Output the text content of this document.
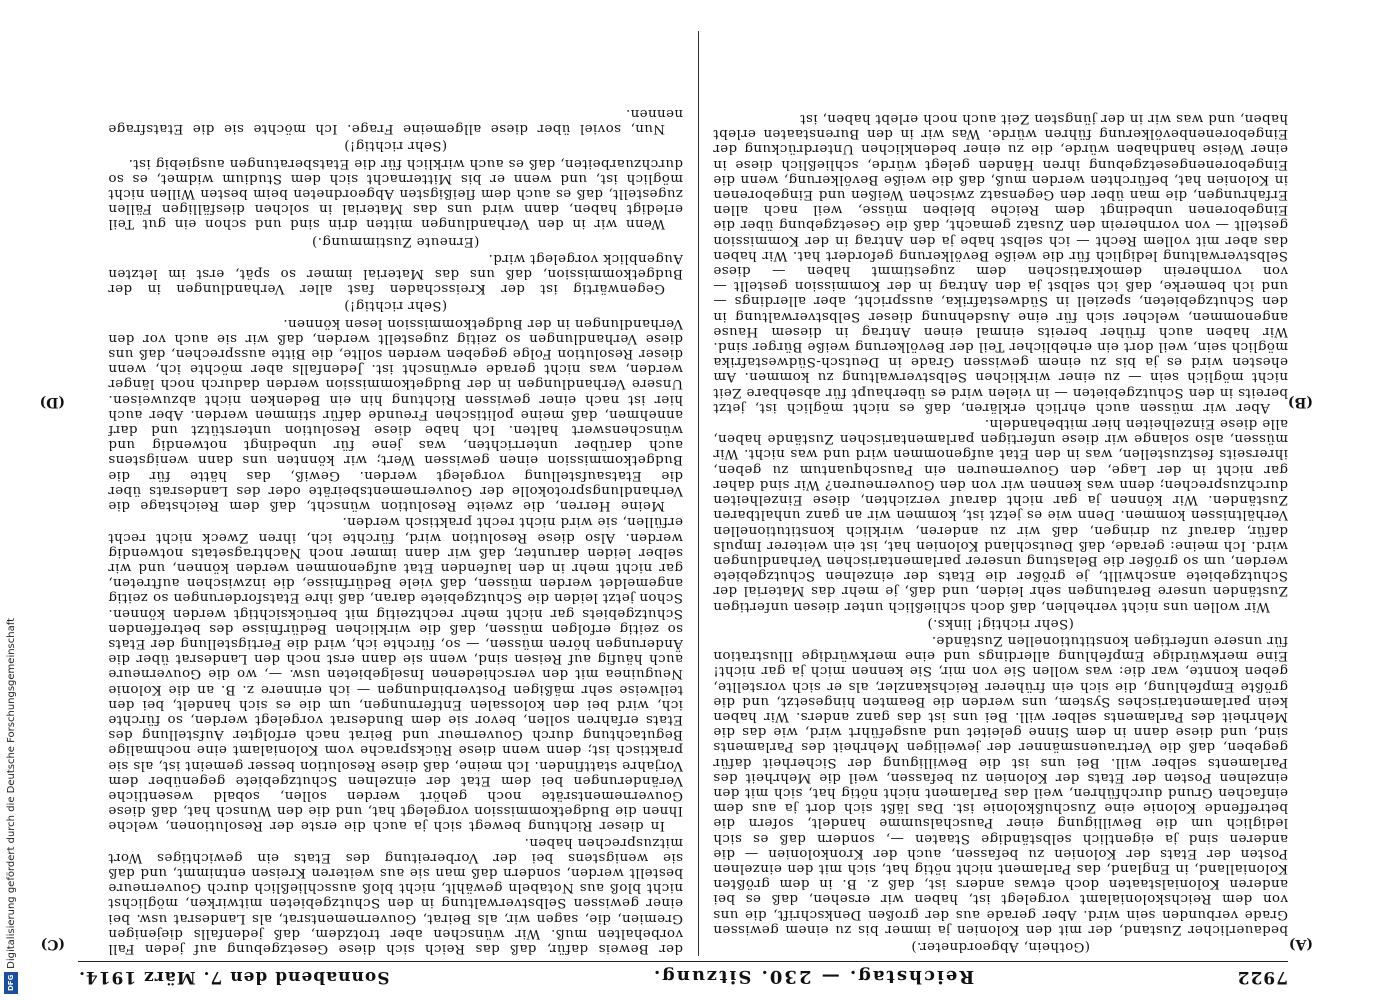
7922
Reichstag. — 230. Sitzung.
Sonnabend den 7. März 1914.
(A)
(B)
(C)
(D)

(Gothein, Abgeordneter.)

bedauerlicher Zustand, der mit den Kolonien ja immer bis zu einem gewissen Grade verbunden sein wird. Aber gerade aus der großen Denkschrift, die uns von dem Reichskolonialamt vorgelegt ist, haben wir ersehen, daß es bei anderen Kolonialstaaten doch etwas anders ist, daß z. B. in dem größten Kolonialland, in England, das Parlament nicht nötig hat, sich mit den einzelnen Posten der Etats der Kolonien zu befassen, auch der Kronkolonien — die anderen sind ja eigentlich selbständige Staaten —, sondern daß es sich lediglich um die Bewilligung einer Pauschalsumme handelt, sofern die betreffende Kolonie eine Zuschußkolonie ist. Das läßt sich dort ja aus dem einfachen Grund durchführen, weil das Parlament nicht nötig hat, sich mit den einzelnen Posten der Etats der Kolonien zu befassen, weil die Mehrheit des Parlaments selber will. Bei uns ist die Bewilligung der Sicherheit dafür gegeben, daß die Vertrauensmänner der jeweiligen Mehrheit des Parlaments sind, und diese dann in dem Sinne geleitet und ausgeführt wird, wie das die Mehrheit des Parlaments selber will. Bei uns ist das ganz anders. Wir haben kein parlamentarisches System, uns werden die Beamten hingesetzt, und die größte Empfehlung, die sich ein früherer Reichskanzler, als er sich vorstellte, geben konnte, war die: was wollen Sie von mir, Sie kennen mich ja gar nicht! Eine merkwürdige Empfehlung allerdings und eine merkwürdige Illustration für unsere unfertigen konstitutionellen Zustände.

(Sehr richtig! links.)

Wir wollen uns nicht verhehlen, daß doch schließlich unter diesen unfertigen Zuständen unsere Beratungen sehr leiden, und daß, je mehr das Material der Schutzgebiete anschwillt, je größer die Etats der einzelnen Schutzgebiete werden, um so größer die Belastung unserer parlamentarischen Verhandlungen wird. Ich meine: gerade, daß Deutschland Kolonien hat, ist ein weiterer Impuls dafür, darauf zu dringen, daß wir zu anderen, wirklich konstitutionellen Verhältnissen kommen. Denn wie es jetzt ist, kommen wir an ganz unhaltbaren Zuständen. Wir können ja gar nicht darauf verzichten, diese Einzelheiten durchzusprechen; denn was kennen wir von den Gouverneuren? Wir sind daher gar nicht in der Lage, den Gouverneuren ein Pauschquantum zu geben, ihrerseits festzustellen, was in den Etat aufgenommen wird und was nicht. Wir müssen, also solange wir diese unfertigen parlamentarischen Zustände haben, alle diese Einzelheiten hier mitbehandeln.

Aber wir müssen auch ehrlich erklären, daß es nicht möglich ist, jetzt bereits in den Schutzgebieten — in vielen wird es überhaupt für absehbare Zeit nicht möglich sein — zu einer wirklichen Selbstverwaltung zu kommen. Am ehesten wird es ja bis zu einem gewissen Grade in Deutsch-Südwestafrika möglich sein, weil dort ein erheblicher Teil der Bevölkerung weiße Bürger sind. Wir haben auch früher bereits einmal einen Antrag in diesem Hause angenommen, welcher sich für eine Ausdehnung dieser Selbstverwaltung in den Schutzgebieten, speziell in Südwestafrika, ausspricht, aber allerdings — und ich bemerke, daß ich selbst ja den Antrag in der Kommission gestellt — von vornherein demokratischen dem zugestimmt haben — diese Selbstverwaltung lediglich für die weiße Bevölkerung gefordert hat. Wir haben das aber mit vollem Recht — ich selbst habe ja den Antrag in der Kommission gestellt — von vornherein den Zusatz gemacht, daß die Gesetzgebung über die Eingeborenen unbedingt dem Reiche bleiben müsse, weil nach allen Erfahrungen, die man über den Gegensatz zwischen Weißen und Eingeborenen in Kolonien hat, befürchten werden muß, daß die weiße Bevölkerung, wenn die Eingeborenengesetzgebung ihren Händen gelegt würde, schließlich diese in einer Weise handhaben würde, die zu einer bedenklichen Unterdrückung der Eingeborenenbevölkerung führen würde. Was wir in den Burenstaaten erlebt haben, und was wir in der jüngsten Zeit auch noch erlebt haben, ist

der Beweis dafür, daß das Reich sich diese Gesetzgebung auf jeden Fall vorbehalten muß. Wir wünschen aber trotzdem, daß jedenfalls diejenigen Gremien, die, sagen wir, als Beirat, Gouvernementsrat, als Landesrat usw. bei einer gewissen Selbstverwaltung in den Schutzgebieten mitwirken, möglichst nicht bloß aus Notabeln gewählt, nicht bloß ausschließlich durch Gouverneure bestellt werden, sondern daß man sie aus weiteren Kreisen entnimmt, und daß sie wenigstens bei der Vorbereitung des Etats ein gewichtiges Wort mitzusprechen haben.

In dieser Richtung bewegt sich ja auch die erste der Resolutionen, welche Ihnen die Budgetkommission vorgelegt hat, und die den Wunsch hat, daß diese Gouvernementsräte noch gehört werden sollen, sobald wesentliche Veränderungen bei dem Etat der einzelnen Schutzgebiete gegenüber dem Vorjahre stattfinden. Ich meine, daß diese Resolution besser gemeint ist, als sie praktisch ist; denn wenn diese Rücksprache vom Kolonialamt eine nochmalige Begutachtung durch Gouverneur und Beirat nach erfolgter Aufstellung des Etats erfahren sollen, bevor sie dem Bundesrat vorgelegt werden, so fürchte ich, wird bei den kolossalen Entfernungen, um die es sich handelt, bei den teilweise sehr mäßigen Postverbindungen — ich erinnere z. B. an die Kolonie Neuguinea mit den verschiedenen Inselgebieten usw. —, wo die Gouverneure auch häufig auf Reisen sind, wenn sie dann erst noch den Landesrat über die Änderungen hören müssen, — so, fürchte ich, wird die Fertigstellung der Etats so zeitig erfolgen müssen, daß die wirklichen Bedürfnisse des betreffenden Schutzgebiets gar nicht mehr rechtzeitig mit berücksichtigt werden können. Schon jetzt leiden die Schutzgebiete daran, daß ihre Etatsforderungen so zeitig angemeldet werden müssen, daß viele Bedürfnisse, die inzwischen auftreten, gar nicht mehr in den laufenden Etat aufgenommen werden können, und wir selber leiden darunter, daß wir dann immer noch Nachtragsetats notwendig werden. Also diese Resolution wird, fürchte ich, ihren Zweck nicht recht erfüllen, sie wird nicht recht praktisch werden.

Meine Herren, die zweite Resolution wünscht, daß dem Reichstage die Verhandlungsprotokolle der Gouvernementsbeiräte oder des Landesrats über die Etatsaufstellung vorgelegt werden. Gewiß, das hätte für die Budgetkommission einen gewissen Wert; wir könnten uns dann wenigstens auch darüber unterrichten, was jene für unbedingt notwendig und wünschenswert halten. Ich habe diese Resolution unterstützt und darf annehmen, daß meine politischen Freunde dafür stimmen werden. Aber auch hier ist nach einer gewissen Richtung hin ein Bedenken nicht abzuweisen. Unsere Verhandlungen in der Budgetkommission werden dadurch noch länger werden, was nicht gerade erwünscht ist. Jedenfalls aber möchte ich, wenn dieser Resolution Folge gegeben werden sollte, die Bitte aussprechen, daß uns diese Verhandlungen so zeitig zugestellt werden, daß wir sie auch vor den Verhandlungen in der Budgetkommission lesen können.

(Sehr richtig!)

Gegenwärtig ist der Kreisschaden fast aller Verhandlungen in der Budgetkommission, daß uns das Material immer so spät, erst im letzten Augenblick vorgelegt wird.

(Erneute Zustimmung.)

Wenn wir in den Verhandlungen mitten drin sind und schon ein gut Teil erledigt haben, dann wird uns das Material in solchen diesfälligen Fällen zugestellt, daß es auch dem fleißigsten Abgeordneten beim besten Willen nicht möglich ist, und wenn er bis Mitternacht sich dem Studium widmet, es so durchzuarbeiten, daß es auch wirklich für die Etatsberatungen ausgiebig ist.

(Sehr richtig!)

Nun, soviel über diese allgemeine Frage. Ich möchte sie die Etatsfrage nennen.

DFG
Digitalisierung gefördert durch die Deutsche Forschungsgemeinschaft
